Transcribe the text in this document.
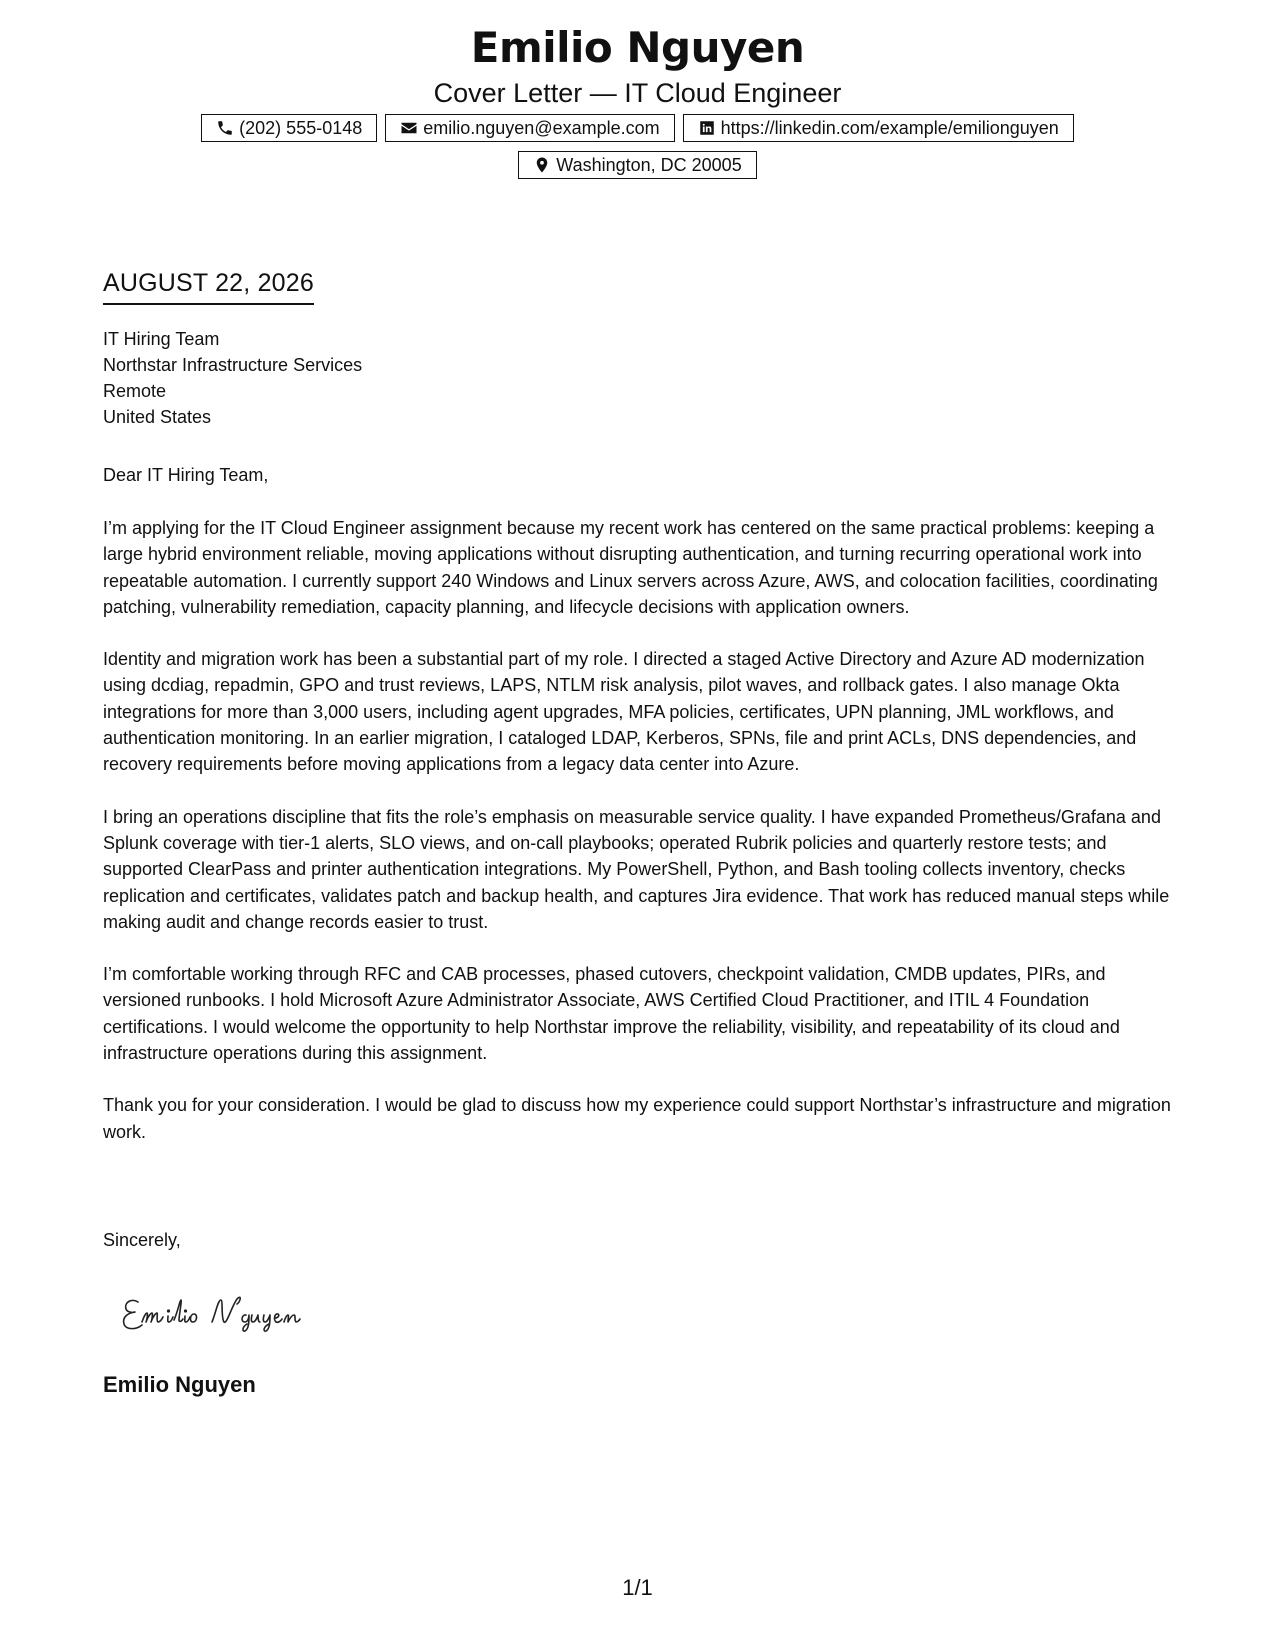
Emilio Nguyen
Cover Letter — IT Cloud Engineer
(202) 555-0148	emilio.nguyen@example.com	https://linkedin.com/example/emilionguyen
Washington, DC 20005
AUGUST 22, 2026
IT Hiring Team
Northstar Infrastructure Services
Remote
United States
Dear IT Hiring Team,

I’m applying for the IT Cloud Engineer assignment because my recent work has centered on the same practical problems: keeping a large hybrid environment reliable, moving applications without disrupting authentication, and turning recurring operational work into repeatable automation. I currently support 240 Windows and Linux servers across Azure, AWS, and colocation facilities, coordinating patching, vulnerability remediation, capacity planning, and lifecycle decisions with application owners.

Identity and migration work has been a substantial part of my role. I directed a staged Active Directory and Azure AD modernization using dcdiag, repadmin, GPO and trust reviews, LAPS, NTLM risk analysis, pilot waves, and rollback gates. I also manage Okta integrations for more than 3,000 users, including agent upgrades, MFA policies, certificates, UPN planning, JML workflows, and authentication monitoring. In an earlier migration, I cataloged LDAP, Kerberos, SPNs, file and print ACLs, DNS dependencies, and recovery requirements before moving applications from a legacy data center into Azure.

I bring an operations discipline that fits the role’s emphasis on measurable service quality. I have expanded Prometheus/Grafana and Splunk coverage with tier-1 alerts, SLO views, and on-call playbooks; operated Rubrik policies and quarterly restore tests; and supported ClearPass and printer authentication integrations. My PowerShell, Python, and Bash tooling collects inventory, checks replication and certificates, validates patch and backup health, and captures Jira evidence. That work has reduced manual steps while making audit and change records easier to trust.

I’m comfortable working through RFC and CAB processes, phased cutovers, checkpoint validation, CMDB updates, PIRs, and versioned runbooks. I hold Microsoft Azure Administrator Associate, AWS Certified Cloud Practitioner, and ITIL 4 Foundation certifications. I would welcome the opportunity to help Northstar improve the reliability, visibility, and repeatability of its cloud and infrastructure operations during this assignment.

Thank you for your consideration. I would be glad to discuss how my experience could support Northstar’s infrastructure and migration work.

Sincerely,
Emilio Nguyen
1/1
